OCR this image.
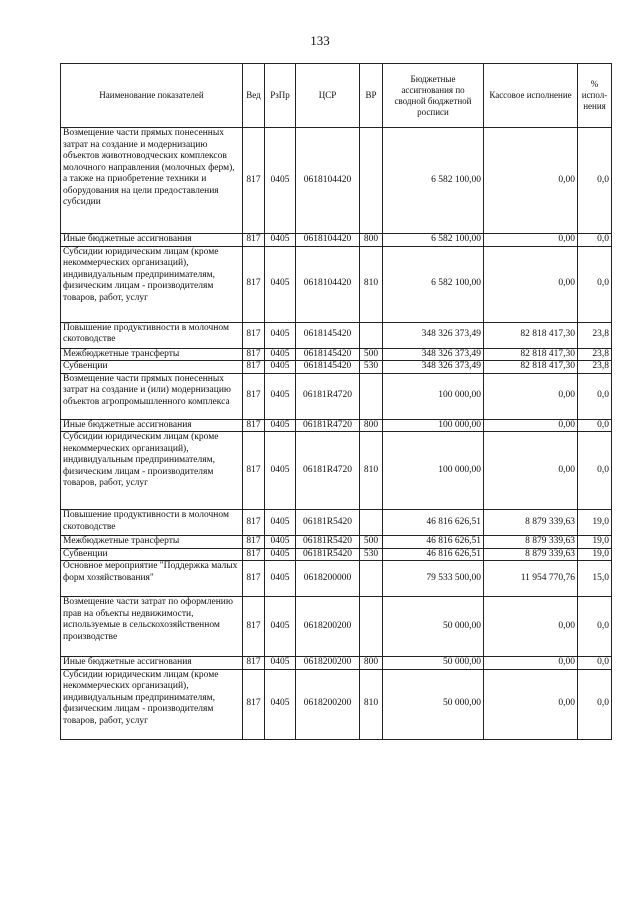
133
Наименование показателей	Вед	РзПр	ЦСР	ВР	Бюджетные ассигнования по сводной бюджетной росписи	Кассовое исполнение	% испол-нения
Возмещение части прямых понесенных затрат на создание и модернизацию объектов животноводческих комплексов молочного направления (молочных ферм), а также на приобретение техники и оборудования на цели предоставления субсидии	817	0405	0618104420		6 582 100,00	0,00	0,0
Иные бюджетные ассигнования	817	0405	0618104420	800	6 582 100,00	0,00	0,0
Субсидии юридическим лицам (кроме некоммерческих организаций), индивидуальным предпринимателям, физическим лицам - производителям товаров, работ, услуг	817	0405	0618104420	810	6 582 100,00	0,00	0,0
Повышение продуктивности в молочном скотоводстве	817	0405	0618145420		348 326 373,49	82 818 417,30	23,8
Межбюджетные трансферты	817	0405	0618145420	500	348 326 373,49	82 818 417,30	23,8
Субвенции	817	0405	0618145420	530	348 326 373,49	82 818 417,30	23,8
Возмещение части прямых понесенных затрат на создание и (или) модернизацию объектов агропромышленного комплекса	817	0405	06181R4720		100 000,00	0,00	0,0
Иные бюджетные ассигнования	817	0405	06181R4720	800	100 000,00	0,00	0,0
Субсидии юридическим лицам (кроме некоммерческих организаций), индивидуальным предпринимателям, физическим лицам - производителям товаров, работ, услуг	817	0405	06181R4720	810	100 000,00	0,00	0,0
Повышение продуктивности в молочном скотоводстве	817	0405	06181R5420		46 816 626,51	8 879 339,63	19,0
Межбюджетные трансферты	817	0405	06181R5420	500	46 816 626,51	8 879 339,63	19,0
Субвенции	817	0405	06181R5420	530	46 816 626,51	8 879 339,63	19,0
Основное мероприятие "Поддержка малых форм хозяйствования"	817	0405	0618200000		79 533 500,00	11 954 770,76	15,0
Возмещение части затрат по оформлению прав на объекты недвижимости, используемые в сельскохозяйственном производстве	817	0405	0618200200		50 000,00	0,00	0,0
Иные бюджетные ассигнования	817	0405	0618200200	800	50 000,00	0,00	0,0
Субсидии юридическим лицам (кроме некоммерческих организаций), индивидуальным предпринимателям, физическим лицам - производителям товаров, работ, услуг	817	0405	0618200200	810	50 000,00	0,00	0,0
